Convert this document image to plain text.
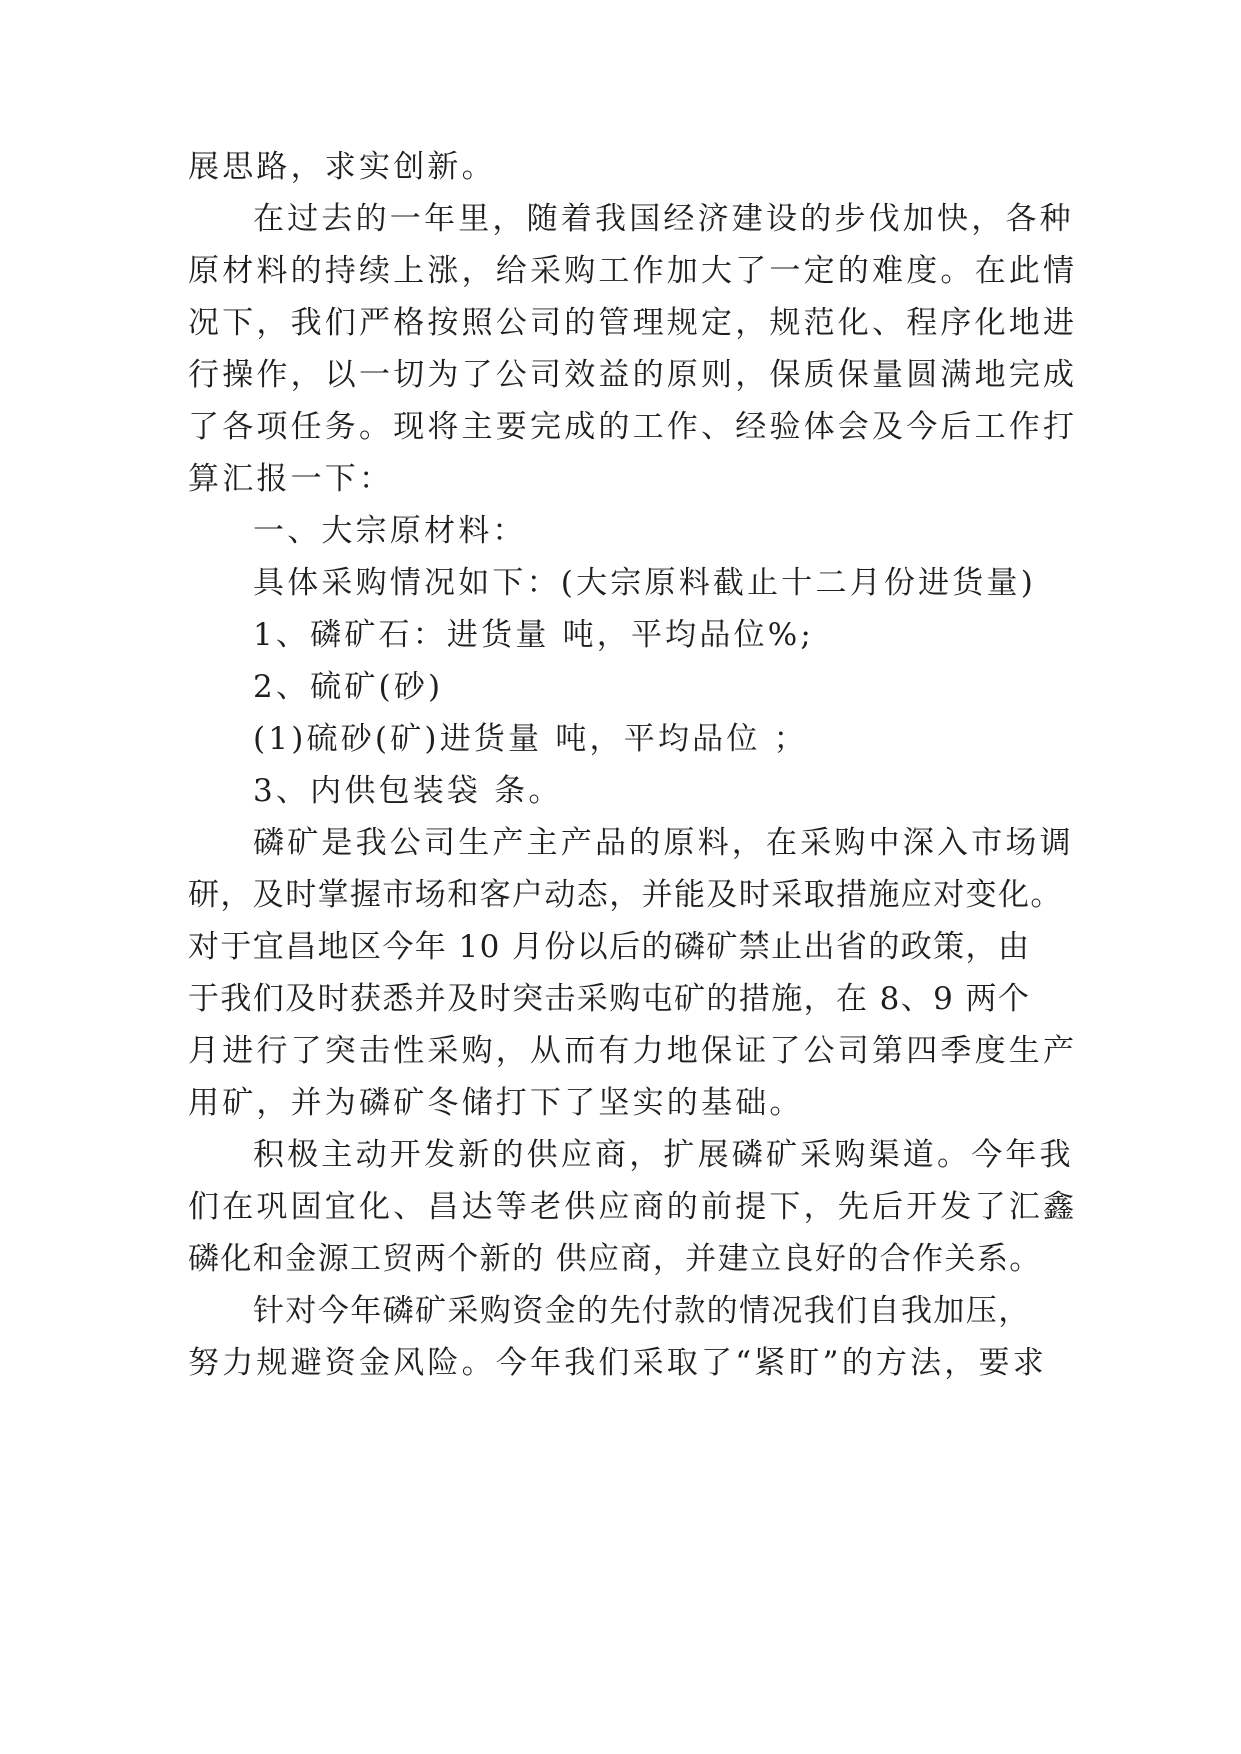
展思路，求实创新。
在过去的一年里，随着我国经济建设的步伐加快，各种
原材料的持续上涨，给采购工作加大了一定的难度。在此情
况下，我们严格按照公司的管理规定，规范化、程序化地进
行操作，以一切为了公司效益的原则，保质保量圆满地完成
了各项任务。现将主要完成的工作、经验体会及今后工作打
算汇报一下：
一、大宗原材料：
具体采购情况如下：(大宗原料截止十二月份进货量)
1、磷矿石：进货量 吨，平均品位%;
2、硫矿(砂)
(1)硫砂(矿)进货量 吨，平均品位 ；
3、内供包装袋 条。
磷矿是我公司生产主产品的原料，在采购中深入市场调
研，及时掌握市场和客户动态，并能及时采取措施应对变化。
对于宜昌地区今年 10 月份以后的磷矿禁止出省的政策，由
于我们及时获悉并及时突击采购屯矿的措施，在 8、9 两个
月进行了突击性采购，从而有力地保证了公司第四季度生产
用矿，并为磷矿冬储打下了坚实的基础。
积极主动开发新的供应商，扩展磷矿采购渠道。今年我
们在巩固宜化、昌达等老供应商的前提下，先后开发了汇鑫
磷化和金源工贸两个新的 供应商，并建立良好的合作关系。
针对今年磷矿采购资金的先付款的情况我们自我加压，
努力规避资金风险。今年我们采取了“紧盯”的方法，要求
